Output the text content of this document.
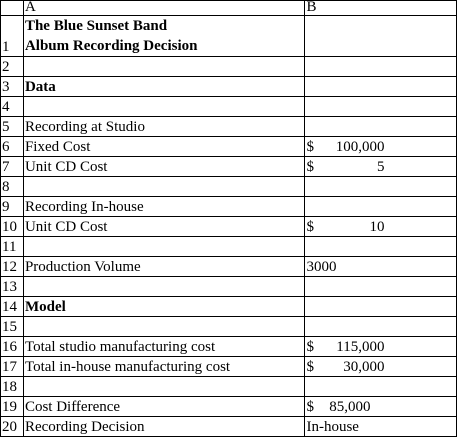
	A	B
1	The Blue Sunset Band
Album Recording Decision	

2		
3	Data	
4		
5	Recording at Studio	
6	Fixed Cost	$ 100,000

7	Unit CD Cost	$ 5

8		
9	Recording In-house	
10	Unit CD Cost	$ 10

11		
12	Production Volume	3000
13		
14	Model	
15		
16	Total studio manufacturing cost	$ 115,000

17	Total in-house manufacturing cost	$ 30,000

18		
19	Cost Difference	$ 85,000

20	Recording Decision	In-house
